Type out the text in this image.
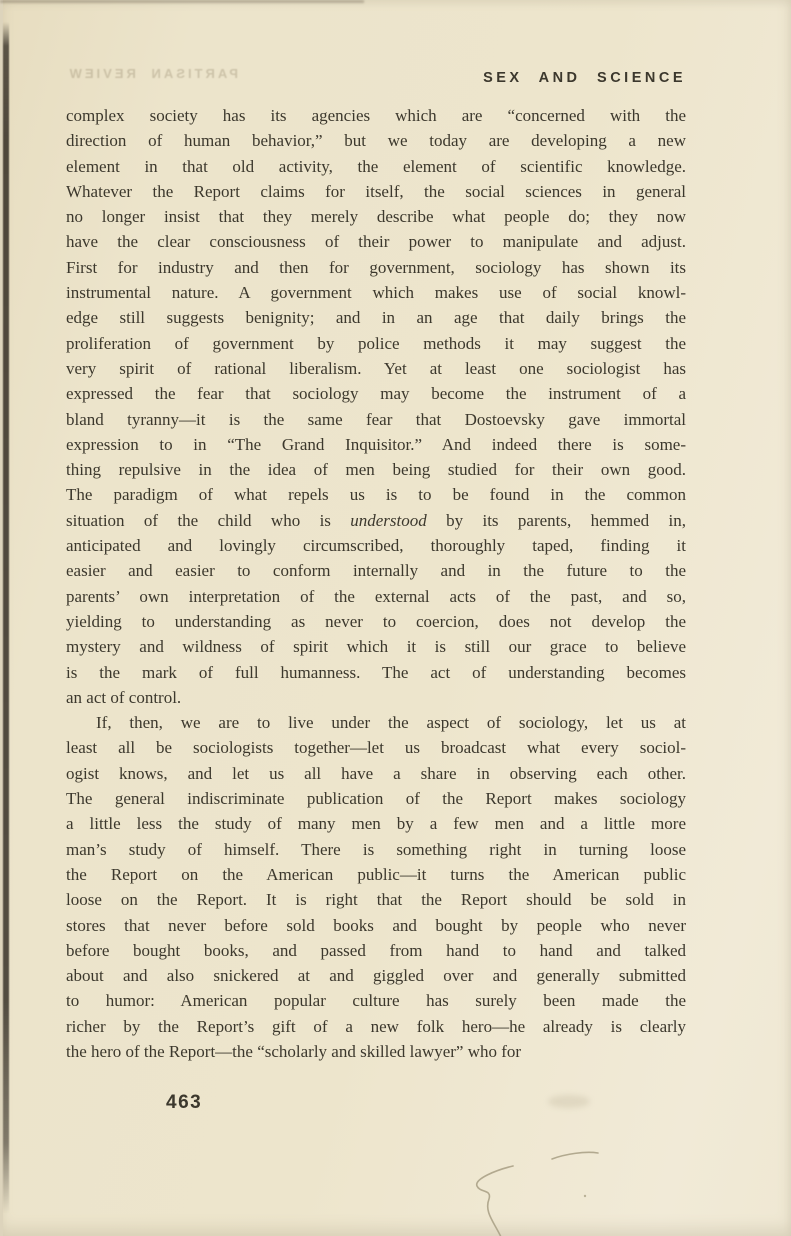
PARTISAN REVIEW	SEX AND SCIENCE
complex society has its agencies which are “concerned with the
direction of human behavior,” but we today are developing a new
element in that old activity, the element of scientific knowledge.
Whatever the Report claims for itself, the social sciences in general
no longer insist that they merely describe what people do; they now
have the clear consciousness of their power to manipulate and adjust.
First for industry and then for government, sociology has shown its
instrumental nature. A government which makes use of social knowl-
edge still suggests benignity; and in an age that daily brings the
proliferation of government by police methods it may suggest the
very spirit of rational liberalism. Yet at least one sociologist has
expressed the fear that sociology may become the instrument of a
bland tyranny—it is the same fear that Dostoevsky gave immortal
expression to in “The Grand Inquisitor.” And indeed there is some-
thing repulsive in the idea of men being studied for their own good.
The paradigm of what repels us is to be found in the common
situation of the child who is understood by its parents, hemmed in,
anticipated and lovingly circumscribed, thoroughly taped, finding it
easier and easier to conform internally and in the future to the
parents’ own interpretation of the external acts of the past, and so,
yielding to understanding as never to coercion, does not develop the
mystery and wildness of spirit which it is still our grace to believe
is the mark of full humanness. The act of understanding becomes
an act of control.
If, then, we are to live under the aspect of sociology, let us at
least all be sociologists together—let us broadcast what every sociol-
ogist knows, and let us all have a share in observing each other.
The general indiscriminate publication of the Report makes sociology
a little less the study of many men by a few men and a little more
man’s study of himself. There is something right in turning loose
the Report on the American public—it turns the American public
loose on the Report. It is right that the Report should be sold in
stores that never before sold books and bought by people who never
before bought books, and passed from hand to hand and talked
about and also snickered at and giggled over and generally submitted
to humor: American popular culture has surely been made the
richer by the Report’s gift of a new folk hero—he already is clearly
the hero of the Report—the “scholarly and skilled lawyer” who for
463
